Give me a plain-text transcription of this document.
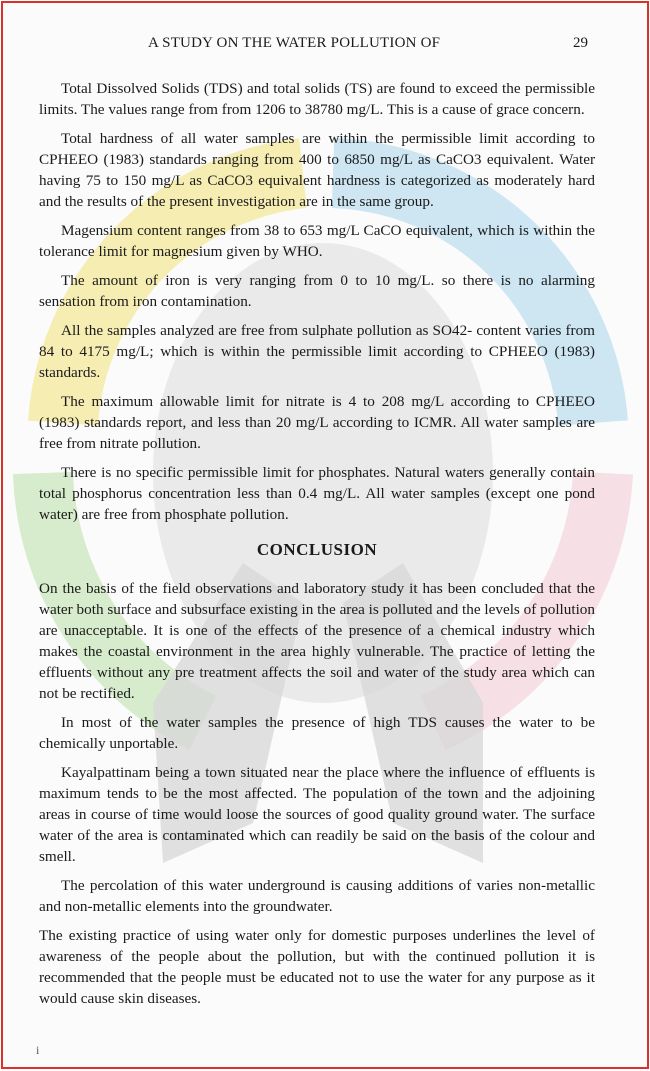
A STUDY ON THE WATER POLLUTION OF	29

Total Dissolved Solids (TDS) and total solids (TS) are found to exceed the permissible limits. The values range from from 1206 to 38780 mg/L. This is a cause of grace concern.

Total hardness of all water samples are within the permissible limit according to CPHEEO (1983) standards ranging from 400 to 6850 mg/L as CaCO3 equivalent. Water having 75 to 150 mg/L as CaCO3 equivalent hardness is categorized as moderately hard and the results of the present investigation are in the same group.

Magensium content ranges from 38 to 653 mg/L CaCO equivalent, which is within the tolerance limit for magnesium given by WHO.

The amount of iron is very ranging from 0 to 10 mg/L. so there is no alarming sensation from iron contamination.

All the samples analyzed are free from sulphate pollution as SO42- content varies from 84 to 4175 mg/L; which is within the permissible limit according to CPHEEO (1983) standards.

The maximum allowable limit for nitrate is 4 to 208 mg/L according to CPHEEO (1983) standards report, and less than 20 mg/L according to ICMR. All water samples are free from nitrate pollution.

There is no specific permissible limit for phosphates. Natural waters generally contain total phosphorus concentration less than 0.4 mg/L. All water samples (except one pond water) are free from phosphate pollution.

CONCLUSION

On the basis of the field observations and laboratory study it has been concluded that the water both surface and subsurface existing in the area is polluted and the levels of pollution are unacceptable. It is one of the effects of the presence of a chemical industry which makes the coastal environment in the area highly vulnerable. The practice of letting the effluents without any pre treatment affects the soil and water of the study area which can not be rectified.

In most of the water samples the presence of high TDS causes the water to be chemically unportable.

Kayalpattinam being a town situated near the place where the influence of effluents is maximum tends to be the most affected. The population of the town and the adjoining areas in course of time would loose the sources of good quality ground water. The surface water of the area is contaminated which can readily be said on the basis of the colour and smell.

The percolation of this water underground is causing additions of varies non-metallic and non-metallic elements into the groundwater.

The existing practice of using water only for domestic purposes underlines the level of awareness of the people about the pollution, but with the continued pollution it is recommended that the people must be educated not to use the water for any purpose as it would cause skin diseases.

i
